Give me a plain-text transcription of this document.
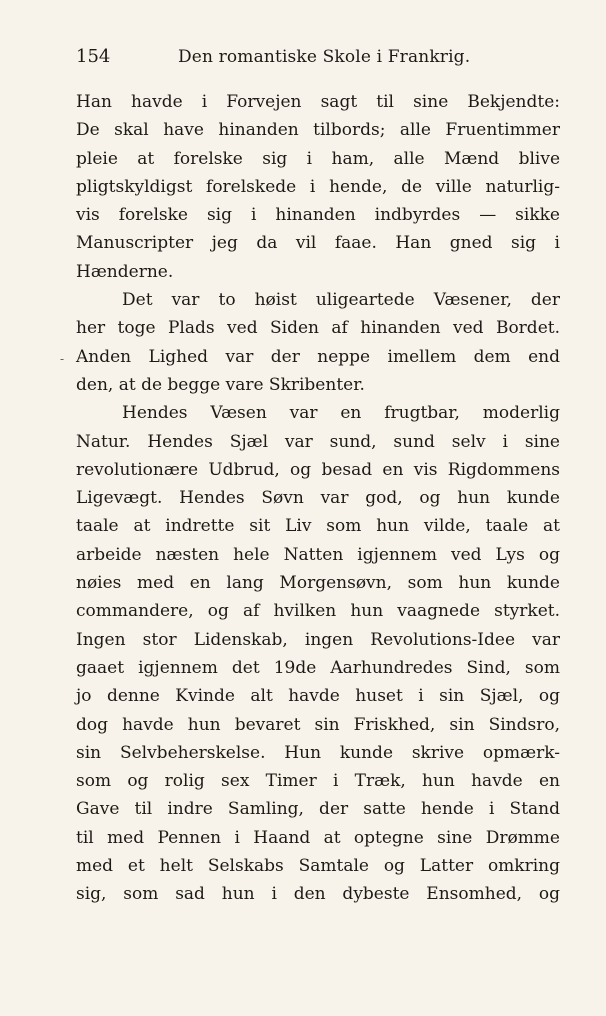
154	Den romantiske Skole i Frankrig.
-
Han havde i Forvejen sagt til sine Bekjendte:
De skal have hinanden tilbords; alle Fruentimmer
pleie at forelske sig i ham, alle Mænd blive
pligtskyldigst forelskede i hende, de ville naturlig-
vis forelske sig i hinanden indbyrdes — sikke
Manuscripter jeg da vil faae. Han gned sig i
Hænderne.
Det var to høist uligeartede Væsener, der
her toge Plads ved Siden af hinanden ved Bordet.
Anden Lighed var der neppe imellem dem end
den, at de begge vare Skribenter.
Hendes Væsen var en frugtbar, moderlig
Natur. Hendes Sjæl var sund, sund selv i sine
revolutionære Udbrud, og besad en vis Rigdommens
Ligevægt. Hendes Søvn var god, og hun kunde
taale at indrette sit Liv som hun vilde, taale at
arbeide næsten hele Natten igjennem ved Lys og
nøies med en lang Morgensøvn, som hun kunde
commandere, og af hvilken hun vaagnede styrket.
Ingen stor Lidenskab, ingen Revolutions-Idee var
gaaet igjennem det 19de Aarhundredes Sind, som
jo denne Kvinde alt havde huset i sin Sjæl, og
dog havde hun bevaret sin Friskhed, sin Sindsro,
sin Selvbeherskelse. Hun kunde skrive opmærk-
som og rolig sex Timer i Træk, hun havde en
Gave til indre Samling, der satte hende i Stand
til med Pennen i Haand at optegne sine Drømme
med et helt Selskabs Samtale og Latter omkring
sig, som sad hun i den dybeste Ensomhed, og
